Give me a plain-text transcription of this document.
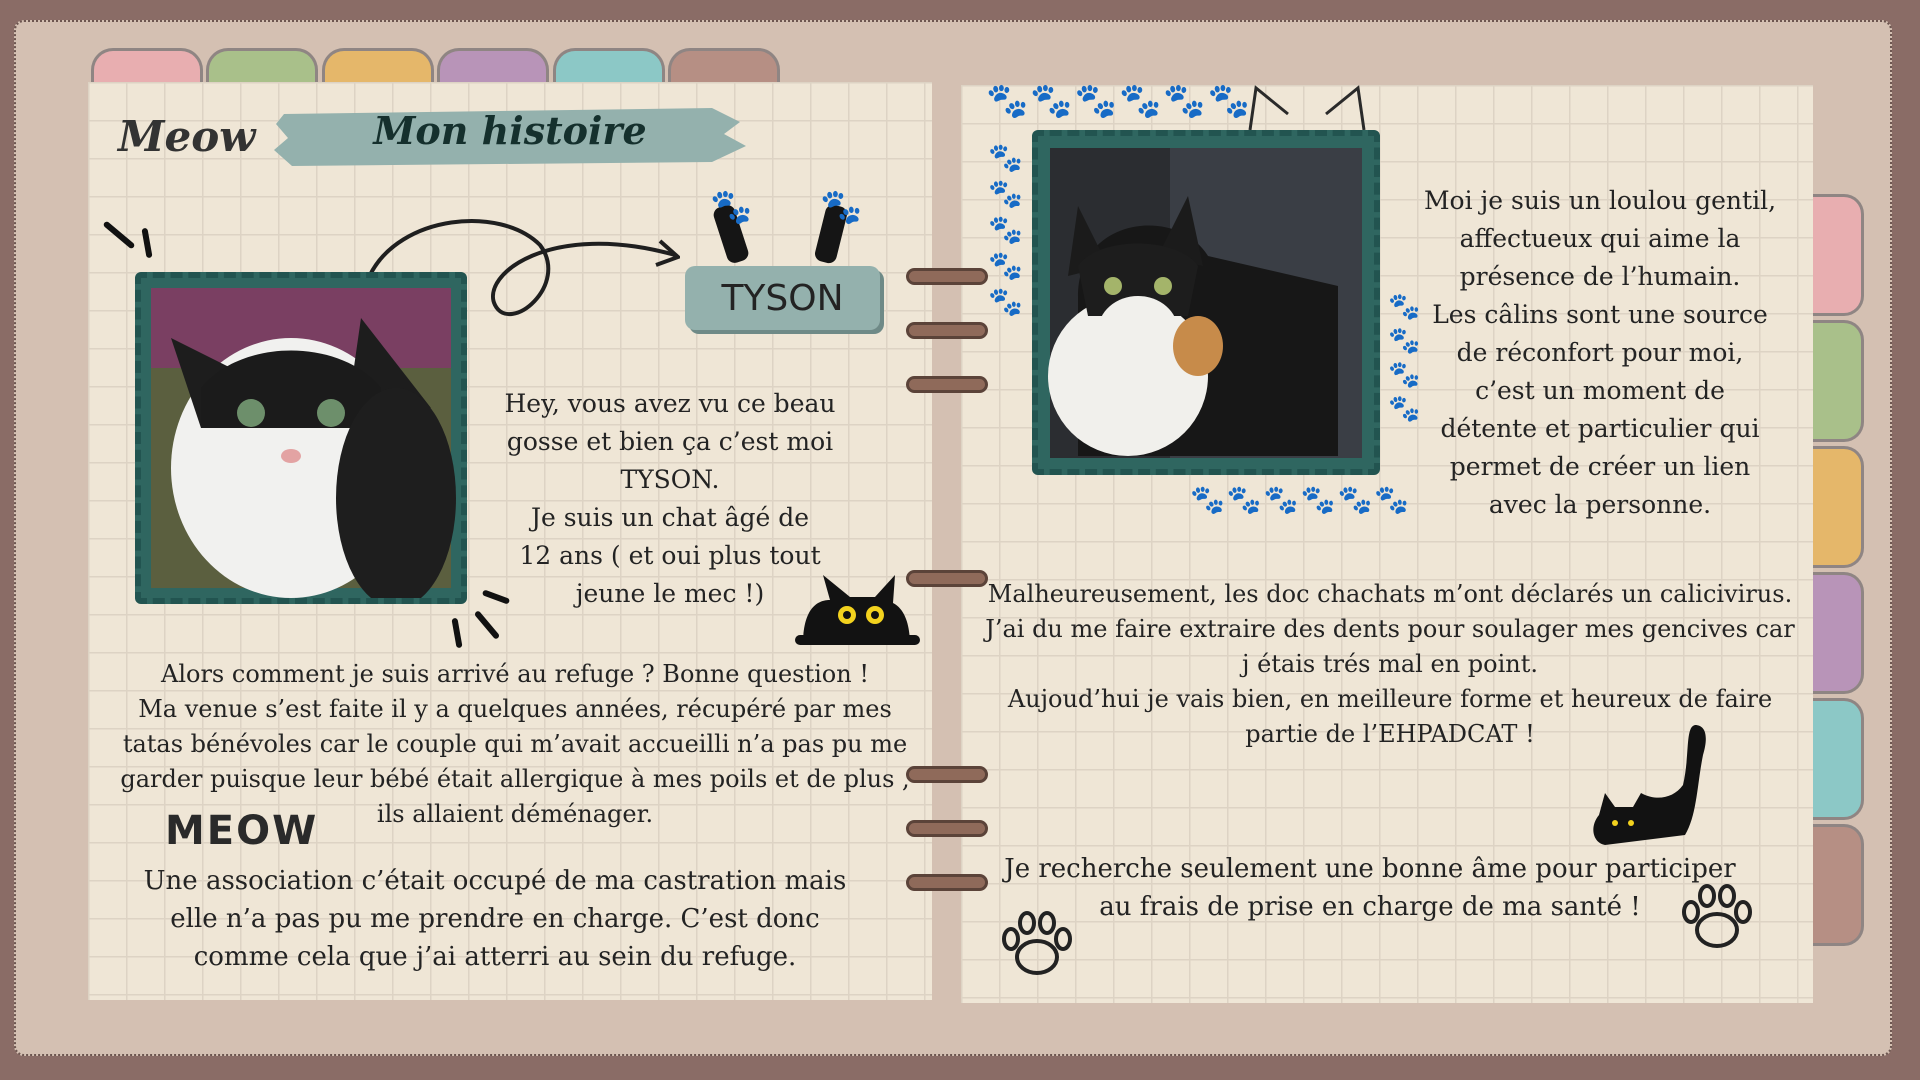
Meow	Mon histoire
🐾 🐾
TYSON
Hey, vous avez vu ce beau
gosse et bien ça c’est moi
TYSON.
Je suis un chat âgé de
12 ans ( et oui plus tout
jeune le mec !)
Alors comment je suis arrivé au refuge ? Bonne question !
Ma venue s’est faite il y a quelques années, récupéré par mes
tatas bénévoles car le couple qui m’avait accueilli n’a pas pu me
garder puisque leur bébé était allergique à mes poils et de plus ,
ils allaient déménager.
MEOW
Une association c’était occupé de ma castration mais
elle n’a pas pu me prendre en charge. C’est donc
comme cela que j’ai atterri au sein du refuge.
🐾🐾🐾🐾🐾🐾
🐾
🐾
🐾
🐾
🐾	🐾
🐾
🐾
🐾
🐾🐾🐾🐾🐾🐾
Moi je suis un loulou gentil,
affectueux qui aime la
présence de l’humain.
Les câlins sont une source
de réconfort pour moi,
c’est un moment de
détente et particulier qui
permet de créer un lien
avec la personne.
Malheureusement, les doc chachats m’ont déclarés un calicivirus.
J’ai du me faire extraire des dents pour soulager mes gencives car
j étais trés mal en point.
Aujoud’hui je vais bien, en meilleure forme et heureux de faire
partie de l’EHPADCAT !
Je recherche seulement une bonne âme pour participer
au frais de prise en charge de ma santé !
